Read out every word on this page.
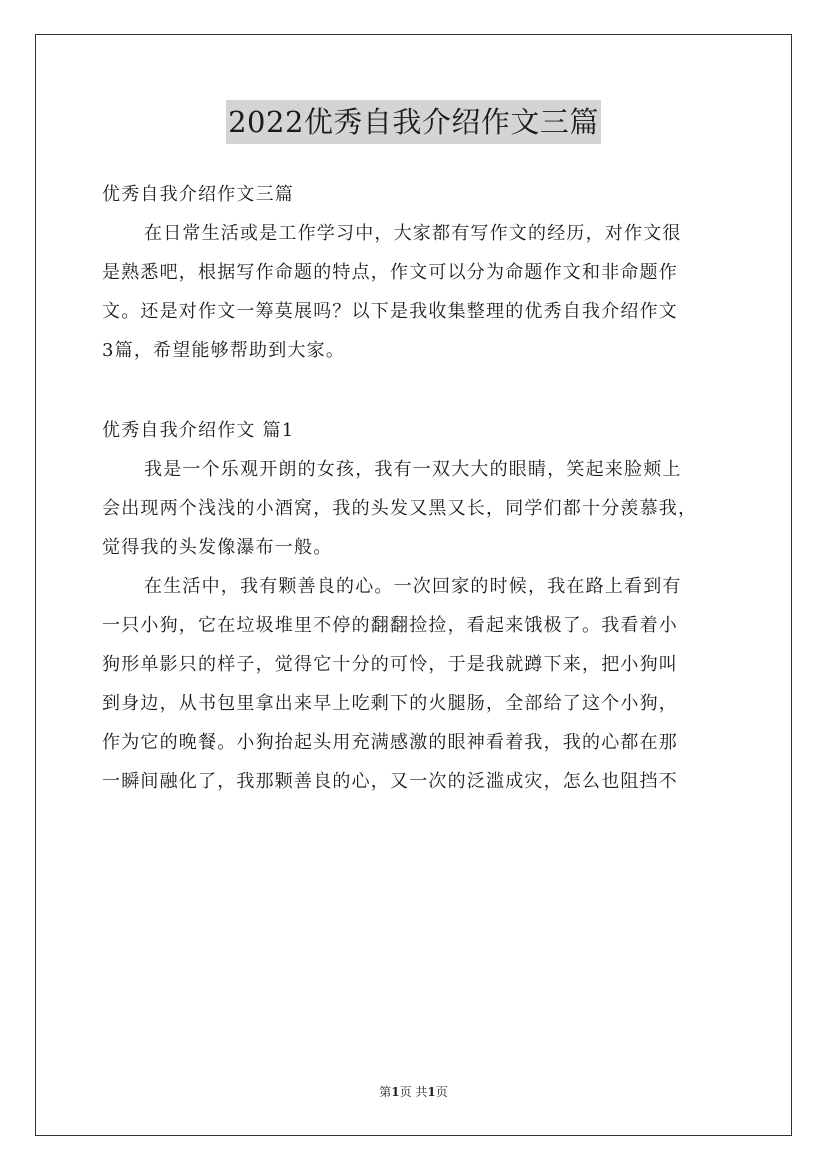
2022优秀自我介绍作文三篇
优秀自我介绍作文三篇
在日常生活或是工作学习中，大家都有写作文的经历，对作文很
是熟悉吧，根据写作命题的特点，作文可以分为命题作文和非命题作
文。还是对作文一筹莫展吗？以下是我收集整理的优秀自我介绍作文
3篇，希望能够帮助到大家。
优秀自我介绍作文 篇1
我是一个乐观开朗的女孩，我有一双大大的眼睛，笑起来脸颊上
会出现两个浅浅的小酒窝，我的头发又黑又长，同学们都十分羡慕我，
觉得我的头发像瀑布一般。
在生活中，我有颗善良的心。一次回家的时候，我在路上看到有
一只小狗，它在垃圾堆里不停的翻翻捡捡，看起来饿极了。我看着小
狗形单影只的样子，觉得它十分的可怜，于是我就蹲下来，把小狗叫
到身边，从书包里拿出来早上吃剩下的火腿肠，全部给了这个小狗，
作为它的晚餐。小狗抬起头用充满感激的眼神看着我，我的心都在那
一瞬间融化了，我那颗善良的心，又一次的泛滥成灾，怎么也阻挡不
第1页 共1页
